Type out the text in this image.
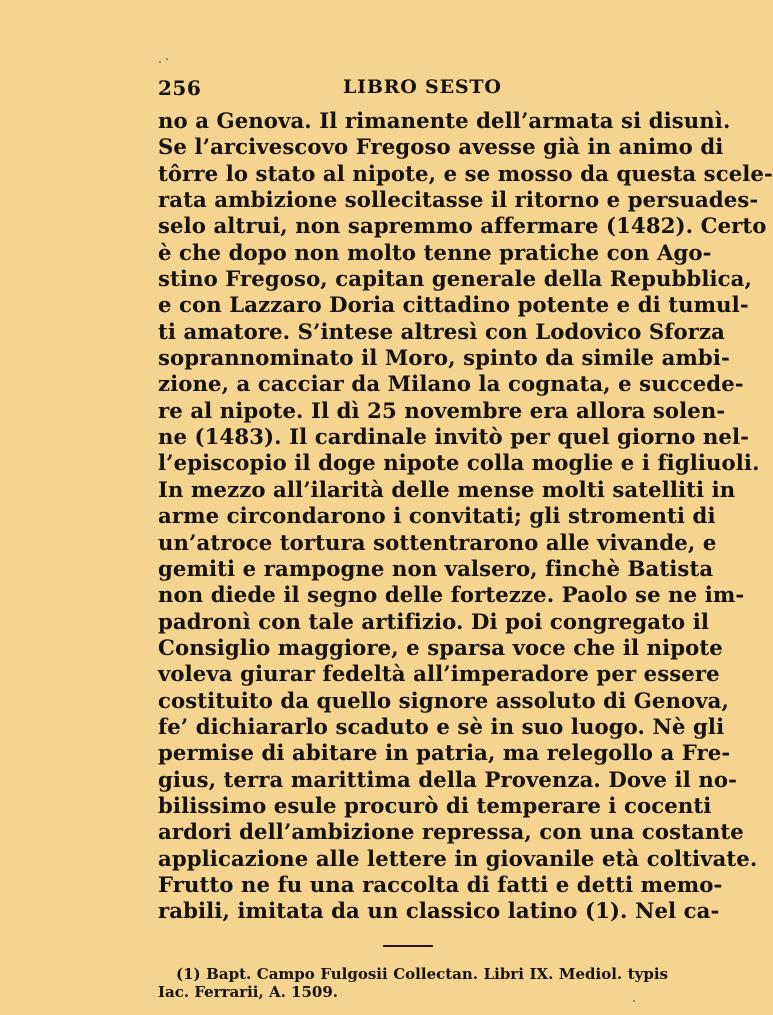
256	LIBRO SESTO
no a Genova. Il rimanente dell’armata si disunì.
Se l’arcivescovo Fregoso avesse già in animo di
tôrre lo stato al nipote, e se mosso da questa scele-
rata ambizione sollecitasse il ritorno e persuades-
selo altrui, non sapremmo affermare (1482). Certo
è che dopo non molto tenne pratiche con Ago-
stino Fregoso, capitan generale della Repubblica,
e con Lazzaro Doria cittadino potente e di tumul-
ti amatore. S’intese altresì con Lodovico Sforza
soprannominato il Moro, spinto da simile ambi-
zione, a cacciar da Milano la cognata, e succede-
re al nipote. Il dì 25 novembre era allora solen-
ne (1483). Il cardinale invitò per quel giorno nel-
l’episcopio il doge nipote colla moglie e i figliuoli.
In mezzo all’ilarità delle mense molti satelliti in
arme circondarono i convitati; gli stromenti di
un’atroce tortura sottentrarono alle vivande, e
gemiti e rampogne non valsero, finchè Batista
non diede il segno delle fortezze. Paolo se ne im-
padronì con tale artifizio. Di poi congregato il
Consiglio maggiore, e sparsa voce che il nipote
voleva giurar fedeltà all’imperadore per essere
costituito da quello signore assoluto di Genova,
fe’ dichiararlo scaduto e sè in suo luogo. Nè gli
permise di abitare in patria, ma relegollo a Fre-
gius, terra marittima della Provenza. Dove il no-
bilissimo esule procurò di temperare i cocenti
ardori dell’ambizione repressa, con una costante
applicazione alle lettere in giovanile età coltivate.
Frutto ne fu una raccolta di fatti e detti memo-
rabili, imitata da un classico latino (1). Nel ca-
(1) Bapt. Campo Fulgosii Collectan. Libri IX. Mediol. typis
Iac. Ferrarii, A. 1509.
